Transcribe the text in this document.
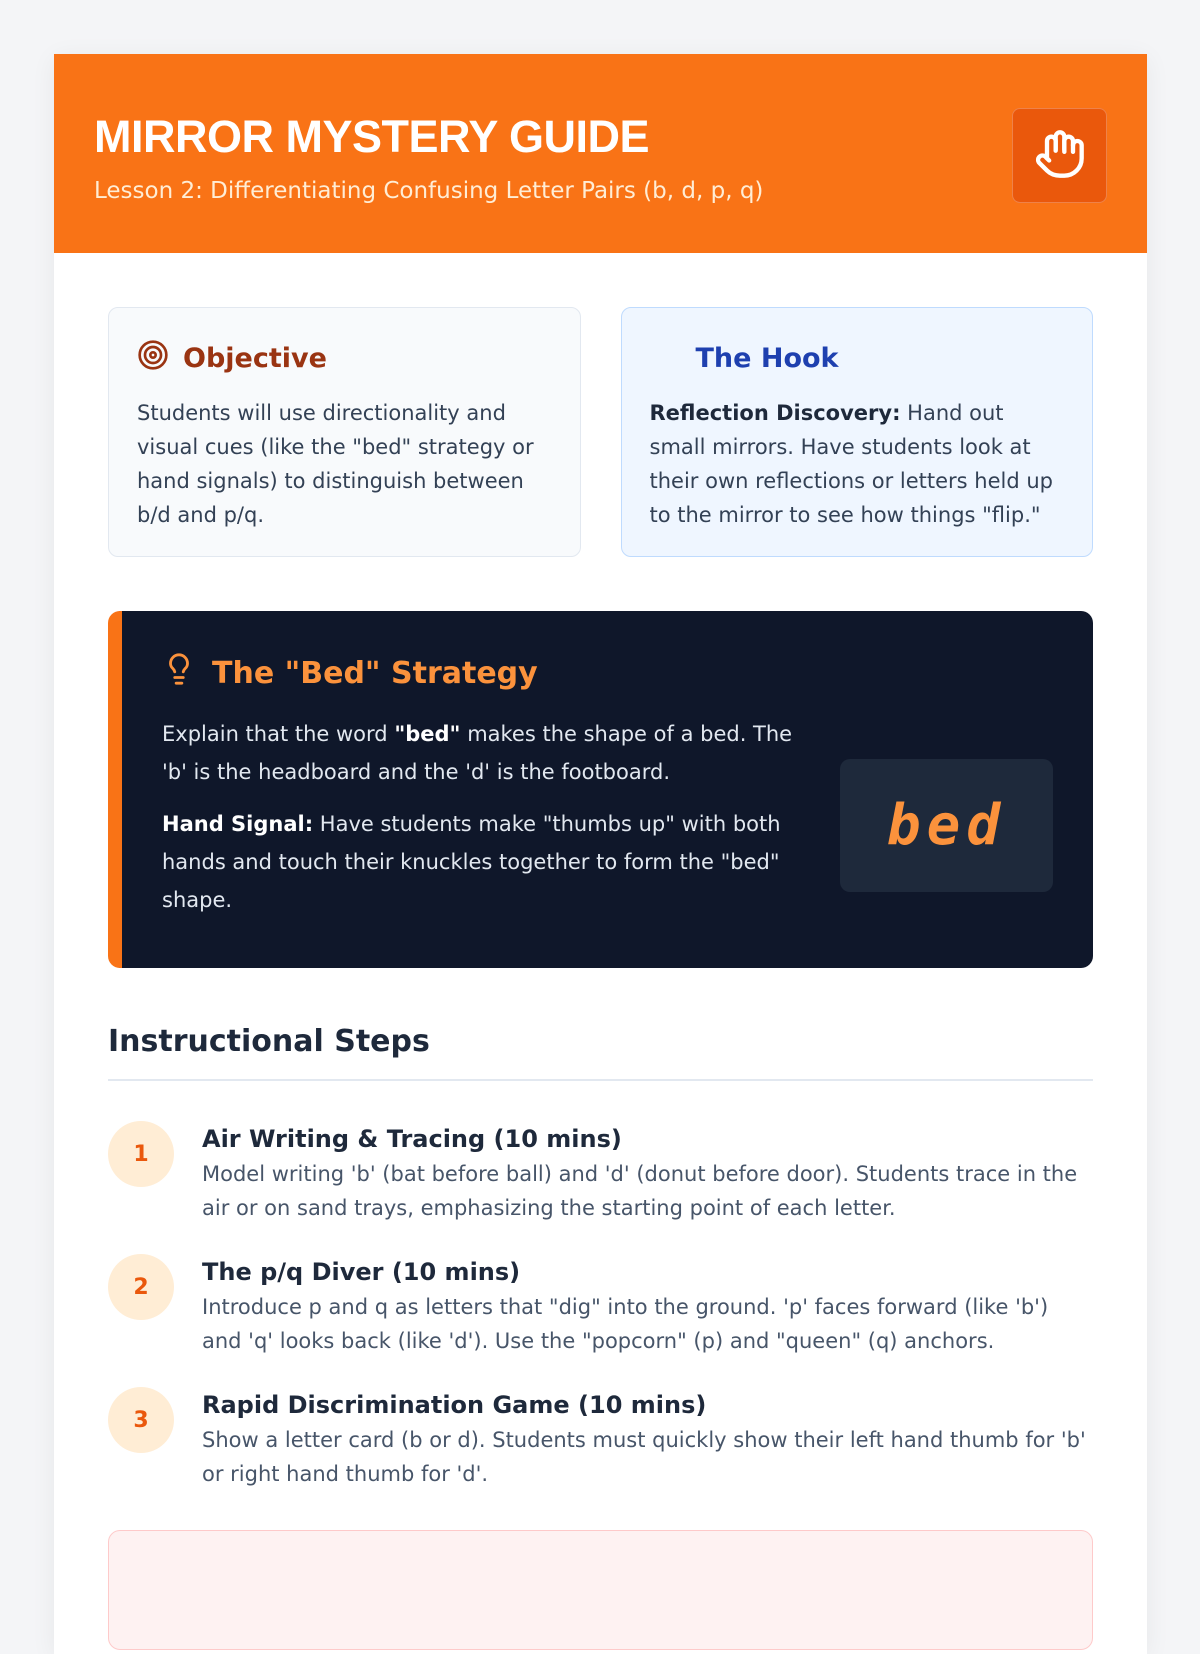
MIRROR MYSTERY GUIDE
Lesson 2: Differentiating Confusing Letter Pairs (b, d, p, q)
Objective
Students will use directionality and visual cues (like the "bed" strategy or hand signals) to distinguish between b/d and p/q.
The Hook
Reflection Discovery: Hand out small mirrors. Have students look at their own reflections or letters held up to the mirror to see how things "flip."
The "Bed" Strategy

Explain that the word "bed" makes the shape of a bed. The 'b' is the headboard and the 'd' is the footboard.

Hand Signal: Have students make "thumbs up" with both hands and touch their knuckles together to form the "bed" shape.

bed
Instructional Steps
1
Air Writing & Tracing (10 mins)
Model writing 'b' (bat before ball) and 'd' (donut before door). Students trace in the air or on sand trays, emphasizing the starting point of each letter.
2
The p/q Diver (10 mins)
Introduce p and q as letters that "dig" into the ground. 'p' faces forward (like 'b') and 'q' looks back (like 'd'). Use the "popcorn" (p) and "queen" (q) anchors.
3
Rapid Discrimination Game (10 mins)
Show a letter card (b or d). Students must quickly show their left hand thumb for 'b' or right hand thumb for 'd'.
